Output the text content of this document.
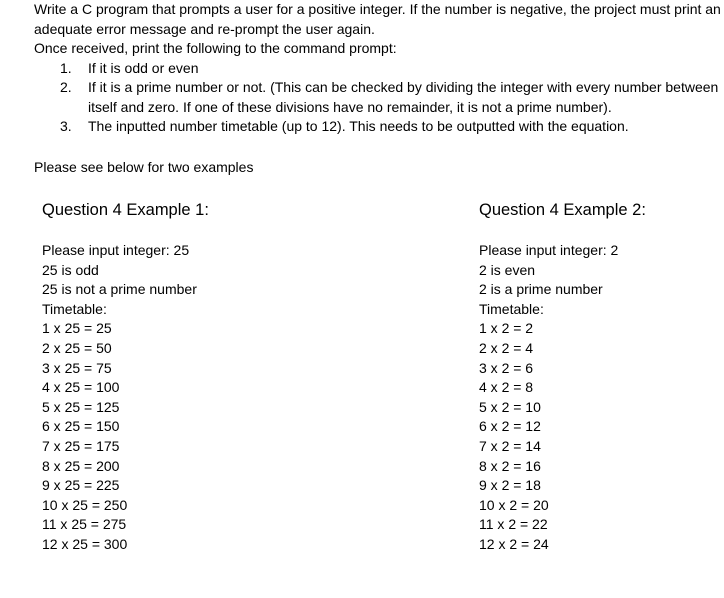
Write a C program that prompts a user for a positive integer. If the number is negative, the project must print an adequate error message and re-prompt the user again.

Once received, print the following to the command prompt:

1. If it is odd or even
2. If it is a prime number or not. (This can be checked by dividing the integer with every number between itself and zero. If one of these divisions have no remainder, it is not a prime number).
3. The inputted number timetable (up to 12). This needs to be outputted with the equation.
Please see below for two examples
Question 4 Example 1:
Please input integer: 25
25 is odd
25 is not a prime number
Timetable:
1 x 25 = 25
2 x 25 = 50
3 x 25 = 75
4 x 25 = 100
5 x 25 = 125
6 x 25 = 150
7 x 25 = 175
8 x 25 = 200
9 x 25 = 225
10 x 25 = 250
11 x 25 = 275
12 x 25 = 300
Question 4 Example 2:
Please input integer: 2
2 is even
2 is a prime number
Timetable:
1 x 2 = 2
2 x 2 = 4
3 x 2 = 6
4 x 2 = 8
5 x 2 = 10
6 x 2 = 12
7 x 2 = 14
8 x 2 = 16
9 x 2 = 18
10 x 2 = 20
11 x 2 = 22
12 x 2 = 24
